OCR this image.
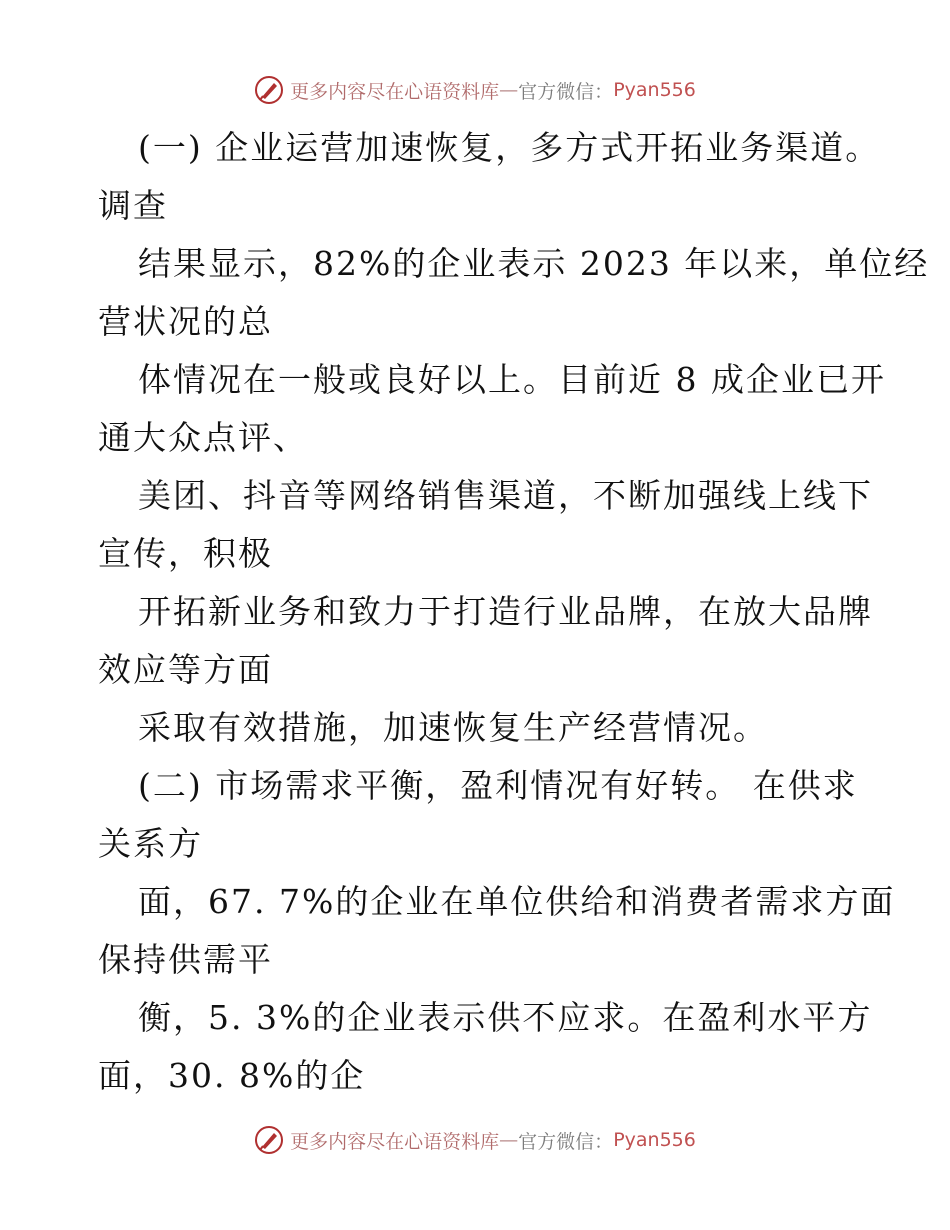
更多内容尽在心语资料库 — 官方微信： Pyan556
(一) 企业运营加速恢复，多方式开拓业务渠道。
调查
结果显示，82%的企业表示 2023 年以来，单位经
营状况的总
体情况在一般或良好以上。目前近 8 成企业已开
通大众点评、
美团、抖音等网络销售渠道，不断加强线上线下
宣传，积极
开拓新业务和致力于打造行业品牌，在放大品牌
效应等方面
采取有效措施，加速恢复生产经营情况。
(二) 市场需求平衡，盈利情况有好转。 在供求
关系方
面，67. 7%的企业在单位供给和消费者需求方面
保持供需平
衡，5. 3%的企业表示供不应求。在盈利水平方
面，30. 8%的企
更多内容尽在心语资料库 — 官方微信： Pyan556
